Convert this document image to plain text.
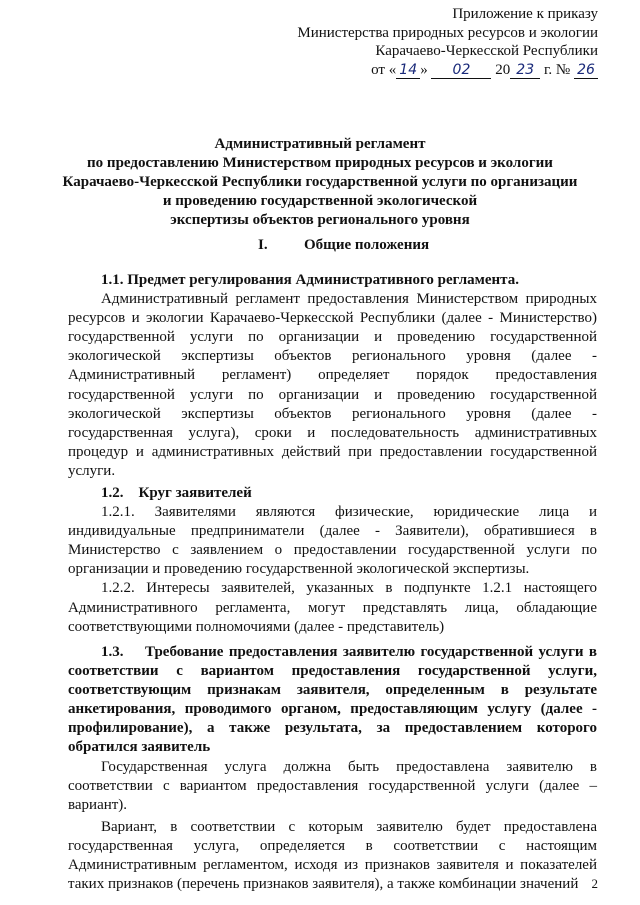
Приложение к приказу
Министерства природных ресурсов и экологии
Карачаево-Черкесской Республики
от « 14 » 02 20 23 г. № 26
Административный регламент
по предоставлению Министерством природных ресурсов и экологии
Карачаево-Черкесской Республики государственной услуги по организации
и проведению государственной экологической
экспертизы объектов регионального уровня
I. Общие положения

1.1. Предмет регулирования Административного регламента.

Административный регламент предоставления Министерством природных ресурсов и экологии Карачаево-Черкесской Республики (далее - Министерство) государственной услуги по организации и проведению государственной экологической экспертизы объектов регионального уровня (далее - Административный регламент) определяет порядок предоставления государственной услуги по организации и проведению государственной экологической экспертизы объектов регионального уровня (далее - государственная услуга), сроки и последовательность административных процедур и административных действий при предоставлении государственной услуги.

1.2. Круг заявителей

1.2.1. Заявителями являются физические, юридические лица и индивидуальные предприниматели (далее - Заявители), обратившиеся в Министерство с заявлением о предоставлении государственной услуги по организации и проведению государственной экологической экспертизы.

1.2.2. Интересы заявителей, указанных в подпункте 1.2.1 настоящего Административного регламента, могут представлять лица, обладающие соответствующими полномочиями (далее - представитель)

1.3. Требование предоставления заявителю государственной услуги в соответствии с вариантом предоставления государственной услуги, соответствующим признакам заявителя, определенным в результате анкетирования, проводимого органом, предоставляющим услугу (далее - профилирование), а также результата, за предоставлением которого обратился заявитель

Государственная услуга должна быть предоставлена заявителю в соответствии с вариантом предоставления государственной услуги (далее – вариант).

Вариант, в соответствии с которым заявителю будет предоставлена государственная услуга, определяется в соответствии с настоящим Административным регламентом, исходя из признаков заявителя и показателей таких признаков (перечень признаков заявителя), а также комбинации значений	2
